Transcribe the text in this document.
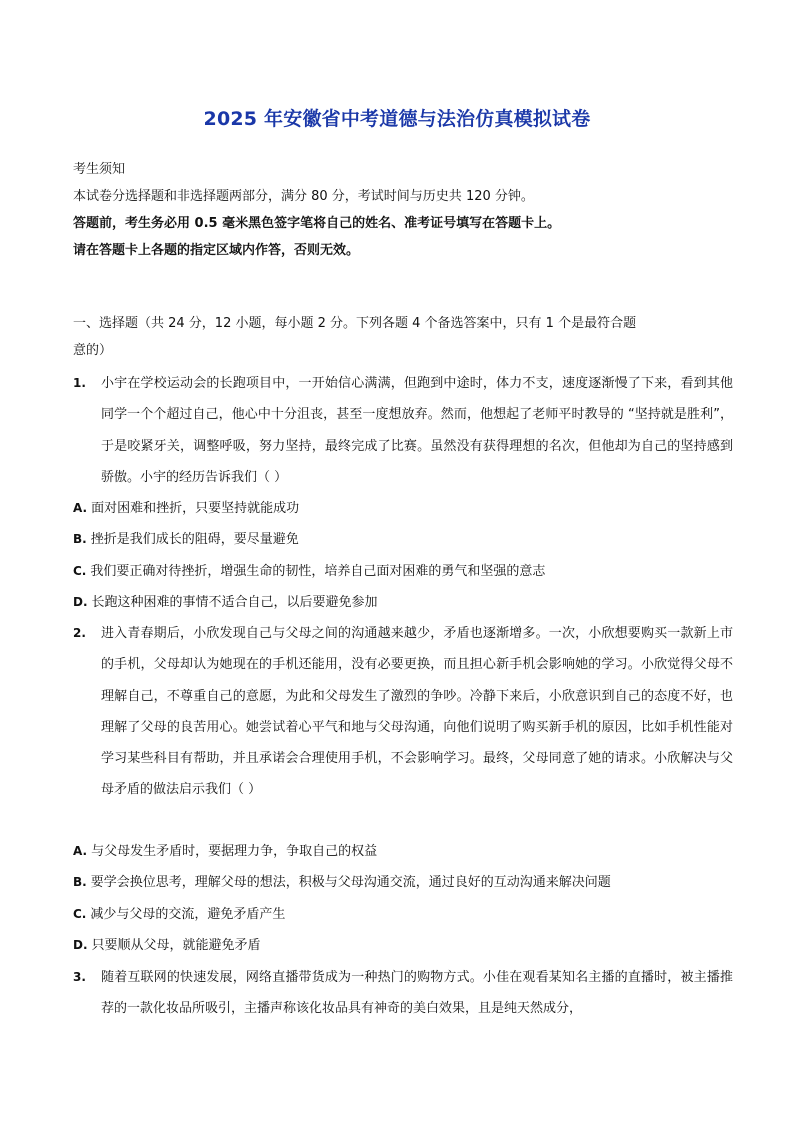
2025 年安徽省中考道德与法治仿真模拟试卷
考生须知
本试卷分选择题和非选择题两部分，满分 80 分，考试时间与历史共 120 分钟。
答题前，考生务必用 0.5 毫米黑色签字笔将自己的姓名、准考证号填写在答题卡上。
请在答题卡上各题的指定区域内作答，否则无效。
一、选择题（共 24 分，12 小题，每小题 2 分。下列各题 4 个备选答案中，只有 1 个是最符合题
意的）
1. 小宇在学校运动会的长跑项目中，一开始信心满满，但跑到中途时，体力不支，速度逐渐慢了下来，看到其他同学一个个超过自己，他心中十分沮丧，甚至一度想放弃。然而，他想起了老师平时教导的 “坚持就是胜利”，于是咬紧牙关，调整呼吸，努力坚持，最终完成了比赛。虽然没有获得理想的名次，但他却为自己的坚持感到骄傲。小宇的经历告诉我们（ ）
A. 面对困难和挫折，只要坚持就能成功
B. 挫折是我们成长的阻碍，要尽量避免
C. 我们要正确对待挫折，增强生命的韧性，培养自己面对困难的勇气和坚强的意志
D. 长跑这种困难的事情不适合自己，以后要避免参加
2. 进入青春期后，小欣发现自己与父母之间的沟通越来越少，矛盾也逐渐增多。一次，小欣想要购买一款新上市的手机，父母却认为她现在的手机还能用，没有必要更换，而且担心新手机会影响她的学习。小欣觉得父母不理解自己，不尊重自己的意愿，为此和父母发生了激烈的争吵。冷静下来后，小欣意识到自己的态度不好，也理解了父母的良苦用心。她尝试着心平气和地与父母沟通，向他们说明了购买新手机的原因，比如手机性能对学习某些科目有帮助，并且承诺会合理使用手机，不会影响学习。最终，父母同意了她的请求。小欣解决与父母矛盾的做法启示我们（ ）
A. 与父母发生矛盾时，要据理力争，争取自己的权益
B. 要学会换位思考，理解父母的想法，积极与父母沟通交流，通过良好的互动沟通来解决问题
C. 减少与父母的交流，避免矛盾产生
D. 只要顺从父母，就能避免矛盾
3. 随着互联网的快速发展，网络直播带货成为一种热门的购物方式。小佳在观看某知名主播的直播时，被主播推荐的一款化妆品所吸引，主播声称该化妆品具有神奇的美白效果，且是纯天然成分，
